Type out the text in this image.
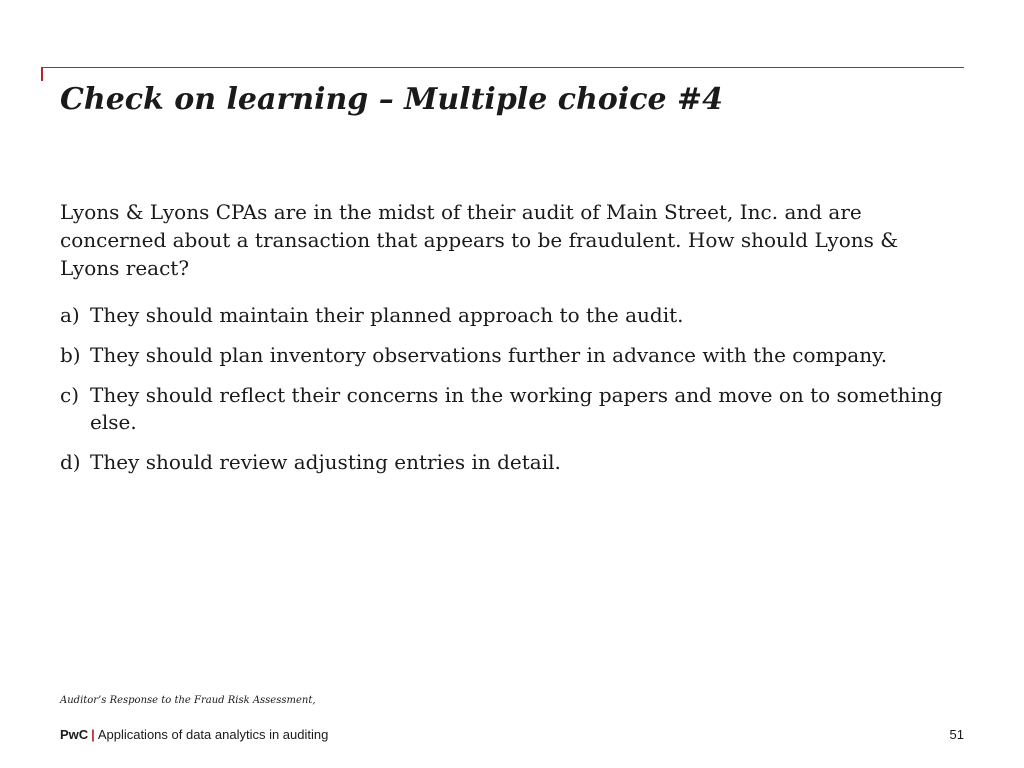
Check on learning – Multiple choice #4

Lyons & Lyons CPAs are in the midst of their audit of Main Street, Inc. and are concerned about a transaction that appears to be fraudulent. How should Lyons & Lyons react?

a) They should maintain their planned approach to the audit.
b) They should plan inventory observations further in advance with the company.
c) They should reflect their concerns in the working papers and move on to something else.
d) They should review adjusting entries in detail.

Auditor’s Response to the Fraud Risk Assessment,

PwC | Applications of data analytics in auditing	51
